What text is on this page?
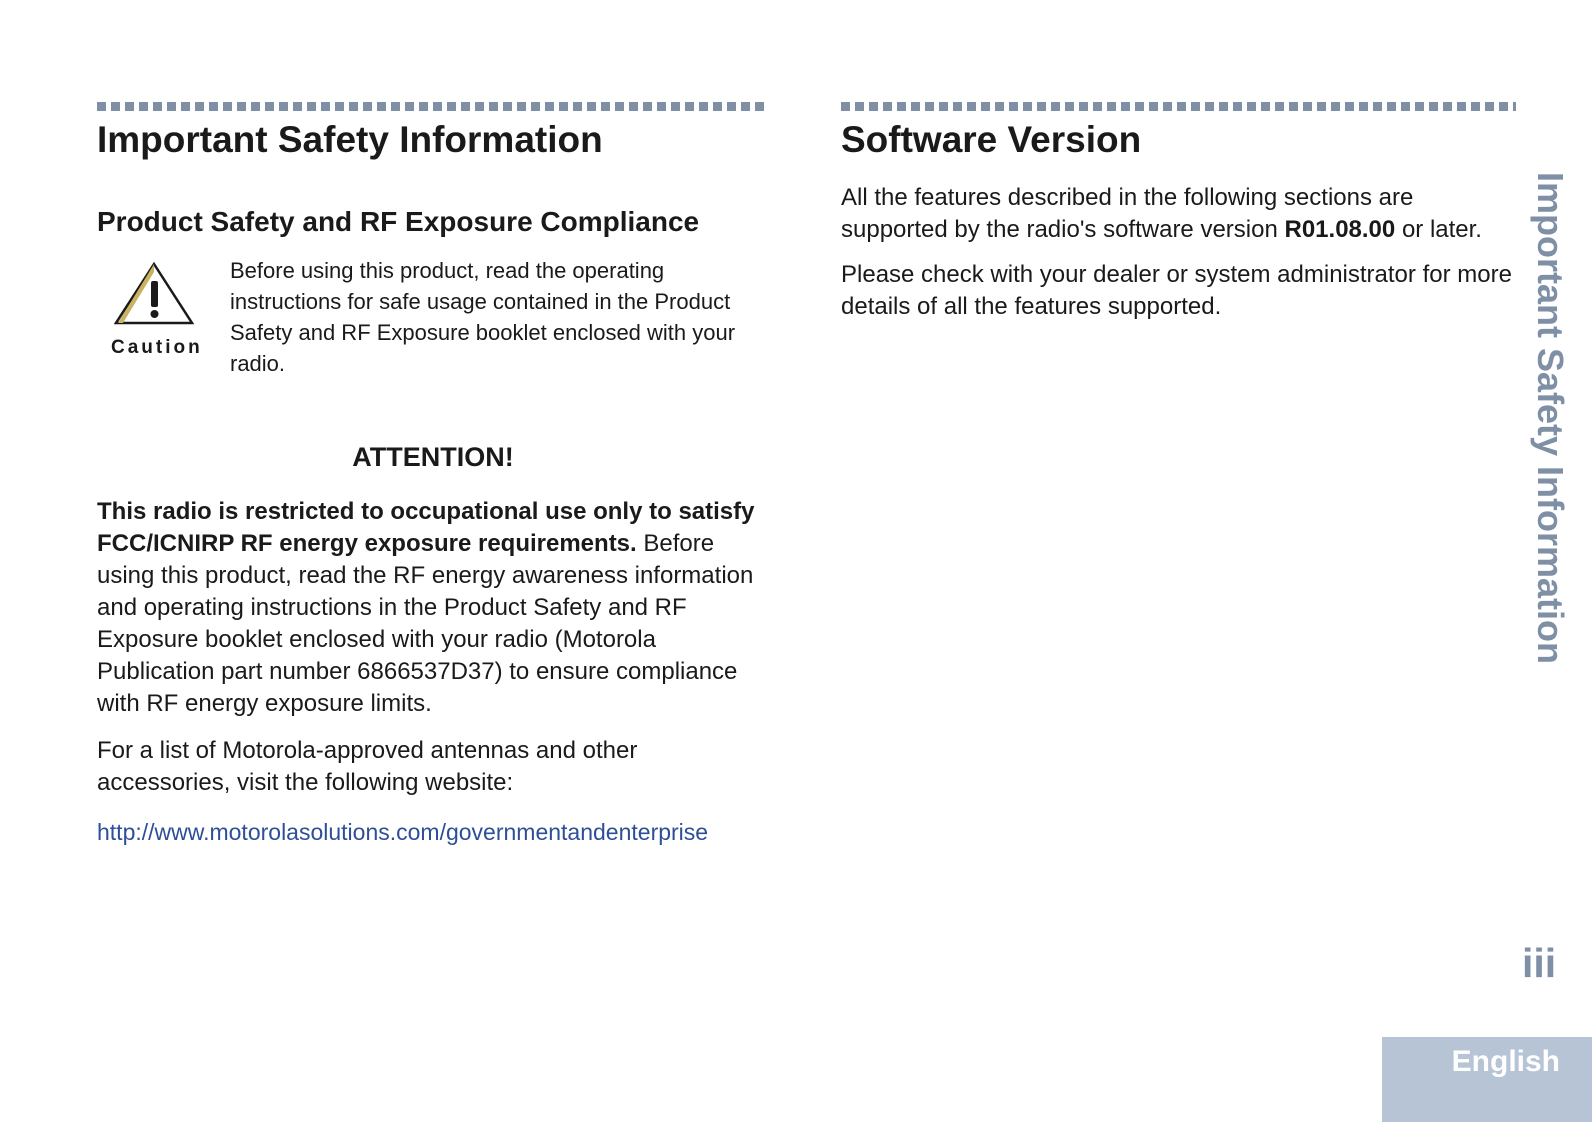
Important Safety Information
Product Safety and RF Exposure Compliance
Caution
Before using this product, read the operating instructions for safe usage contained in the Product Safety and RF Exposure booklet enclosed with your radio.
ATTENTION!

This radio is restricted to occupational use only to satisfy FCC/ICNIRP RF energy exposure requirements. Before using this product, read the RF energy awareness information and operating instructions in the Product Safety and RF Exposure booklet enclosed with your radio (Motorola Publication part number 6866537D37) to ensure compliance with RF energy exposure limits.

For a list of Motorola-approved antennas and other accessories, visit the following website:

http://www.motorolasolutions.com/governmentandenterprise

Software Version

All the features described in the following sections are supported by the radio's software version R01.08.00 or later.

Please check with your dealer or system administrator for more details of all the features supported.	Important Safety Information
iii
English
